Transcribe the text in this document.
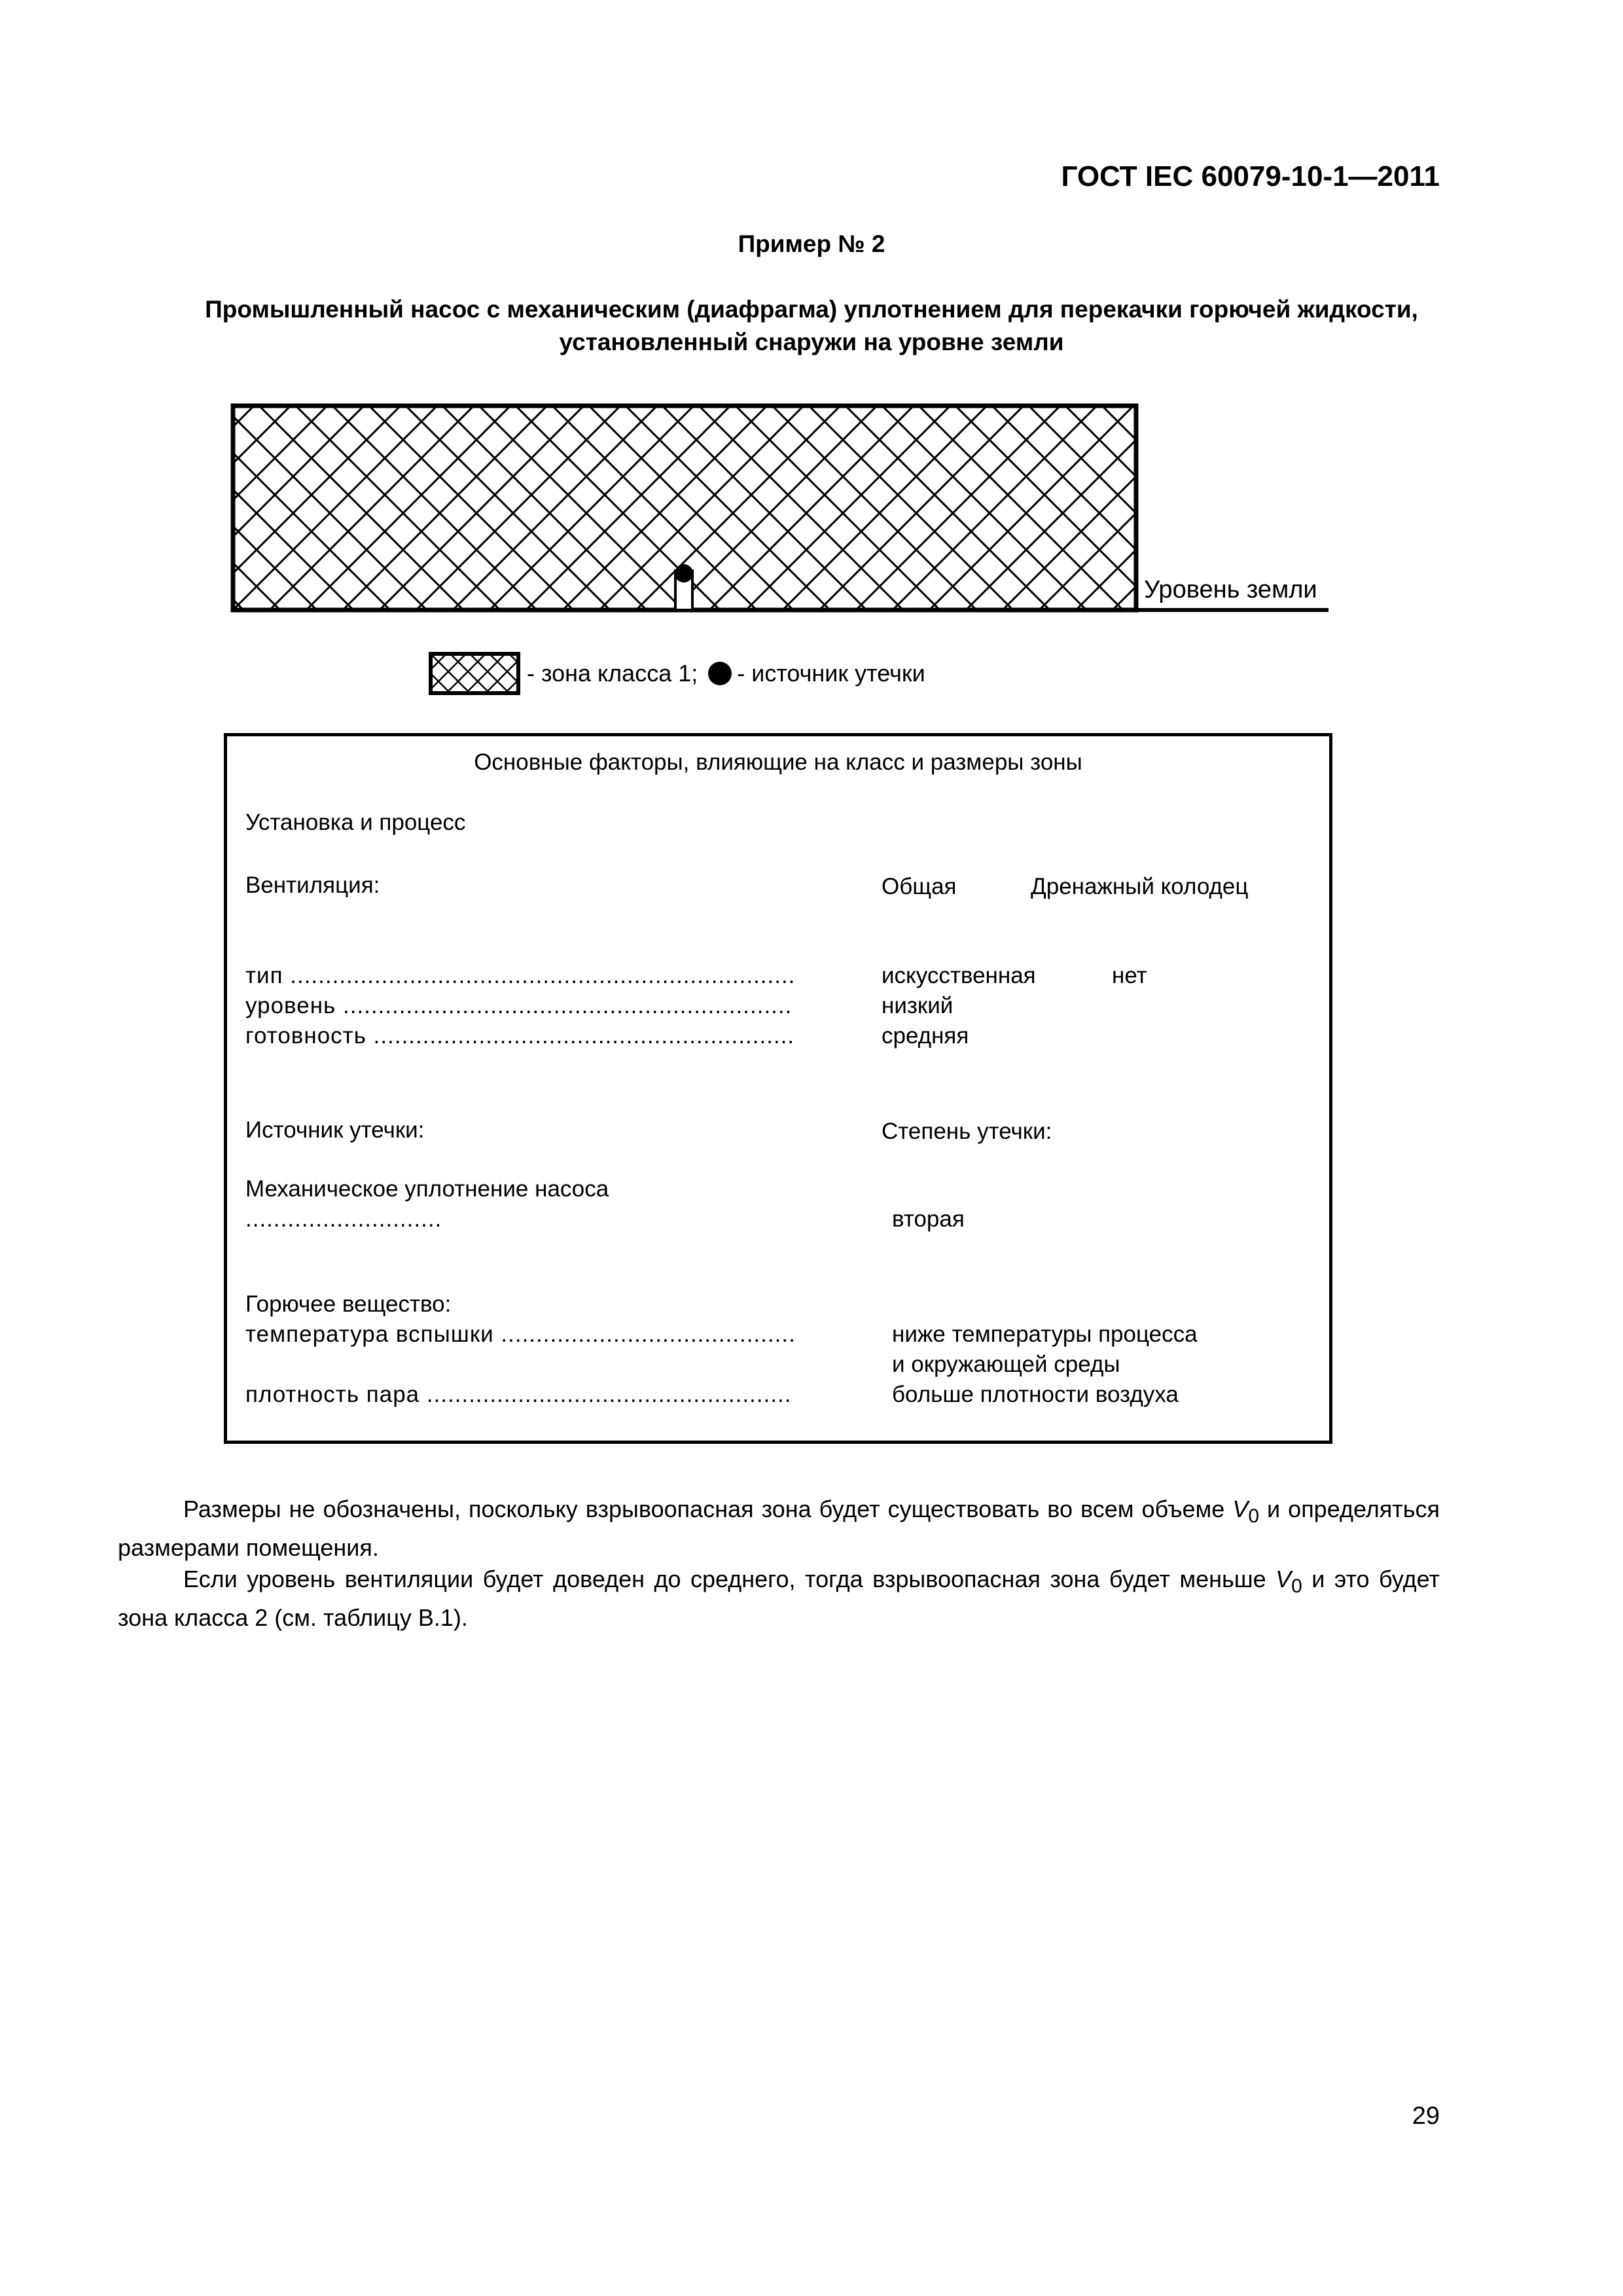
ГОСТ IEC 60079-10-1—2011
Пример № 2
Промышленный насос с механическим (диафрагма) уплотнением для перекачки горючей жидкости,
установленный снаружи на уровне земли
Уровень земли
- зона класса 1; - источник утечки
Основные факторы, влияющие на класс и размеры зоны
Установка и процесс
Вентиляция:	Общая	Дренажный колодец
тип ........................................................................	искусственная	нет
уровень ................................................................	низкий
готовность ............................................................	средняя
Источник утечки:	Степень утечки:
Механическое уплотнение насоса
............................	вторая
Горючее вещество:
температура вспышки ..........................................	ниже температуры процесса
и окружающей среды
плотность пара ....................................................	больше плотности воздуха

Размеры не обозначены, поскольку взрывоопасная зона будет существовать во всем объеме $V_0$ и определяться размерами помещения.

Если уровень вентиляции будет доведен до среднего, тогда взрывоопасная зона будет меньше $V_0$ и это будет зона класса 2 (см. таблицу В.1).

29
